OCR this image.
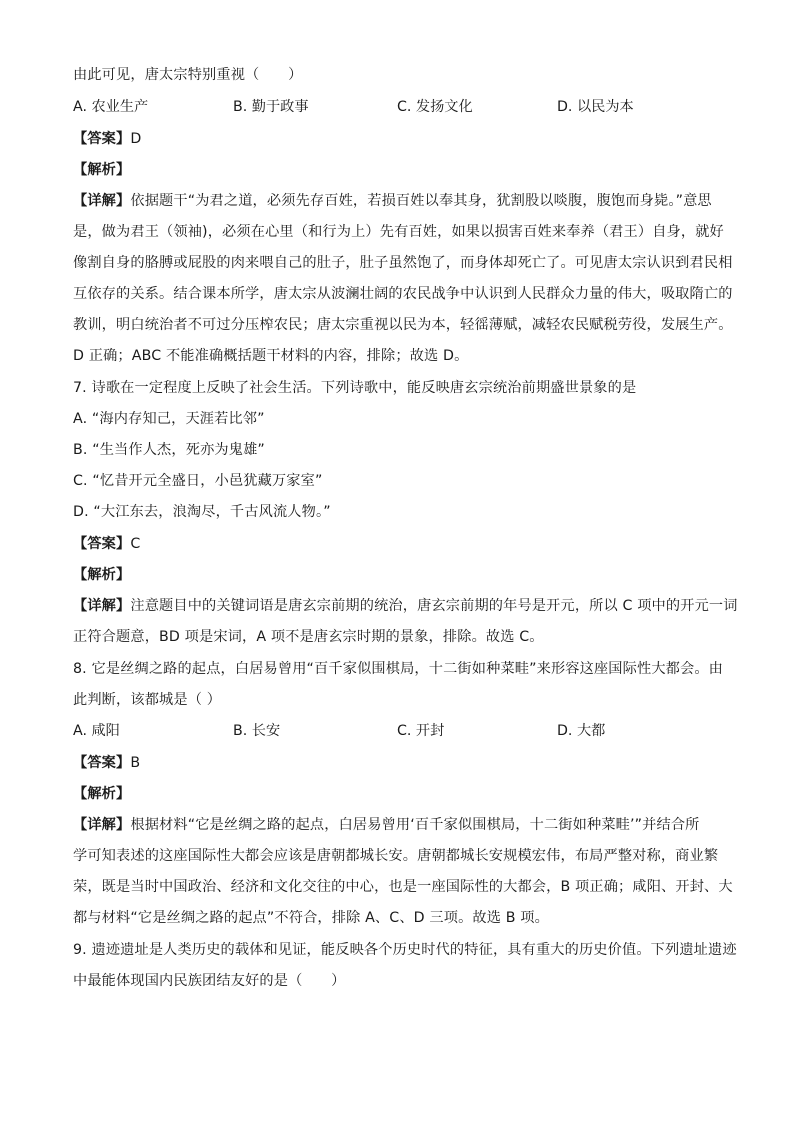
由此可见，唐太宗特别重视（　　）
A. 农业生产	B. 勤于政事	C. 发扬文化	D. 以民为本
【答案】D
【解析】
【详解】依据题干“为君之道，必须先存百姓，若损百姓以奉其身，犹割股以啖腹，腹饱而身毙。”意思
是，做为君王（领袖)，必须在心里（和行为上）先有百姓，如果以损害百姓来奉养（君王）自身，就好
像割自身的胳膊或屁股的肉来喂自己的肚子，肚子虽然饱了，而身体却死亡了。可见唐太宗认识到君民相
互依存的关系。结合课本所学，唐太宗从波澜壮阔的农民战争中认识到人民群众力量的伟大，吸取隋亡的
教训，明白统治者不可过分压榨农民；唐太宗重视以民为本，轻徭薄赋，减轻农民赋税劳役，发展生产。
D 正确；ABC 不能准确概括题干材料的内容，排除；故选 D。
7. 诗歌在一定程度上反映了社会生活。下列诗歌中，能反映唐玄宗统治前期盛世景象的是
A. “海内存知己，天涯若比邻”
B. “生当作人杰，死亦为鬼雄”
C. “忆昔开元全盛日，小邑犹藏万家室”
D. “大江东去，浪淘尽，千古风流人物。”
【答案】C
【解析】
【详解】注意题目中的关键词语是唐玄宗前期的统治，唐玄宗前期的年号是开元，所以 C 项中的开元一词
正符合题意，BD 项是宋词，A 项不是唐玄宗时期的景象，排除。故选 C。
8. 它是丝绸之路的起点，白居易曾用“百千家似围棋局，十二街如种菜畦”来形容这座国际性大都会。由
此判断，该都城是（ ）
A. 咸阳	B. 长安	C. 开封	D. 大都
【答案】B
【解析】
【详解】根据材料“它是丝绸之路的起点，白居易曾用‘百千家似围棋局，十二街如种菜畦’”并结合所
学可知表述的这座国际性大都会应该是唐朝都城长安。唐朝都城长安规模宏伟，布局严整对称，商业繁
荣，既是当时中国政治、经济和文化交往的中心，也是一座国际性的大都会，B 项正确；咸阳、开封、大
都与材料“它是丝绸之路的起点”不符合，排除 A、C、D 三项。故选 B 项。
9. 遗迹遗址是人类历史的载体和见证，能反映各个历史时代的特征，具有重大的历史价值。下列遗址遗迹
中最能体现国内民族团结友好的是（　　）
